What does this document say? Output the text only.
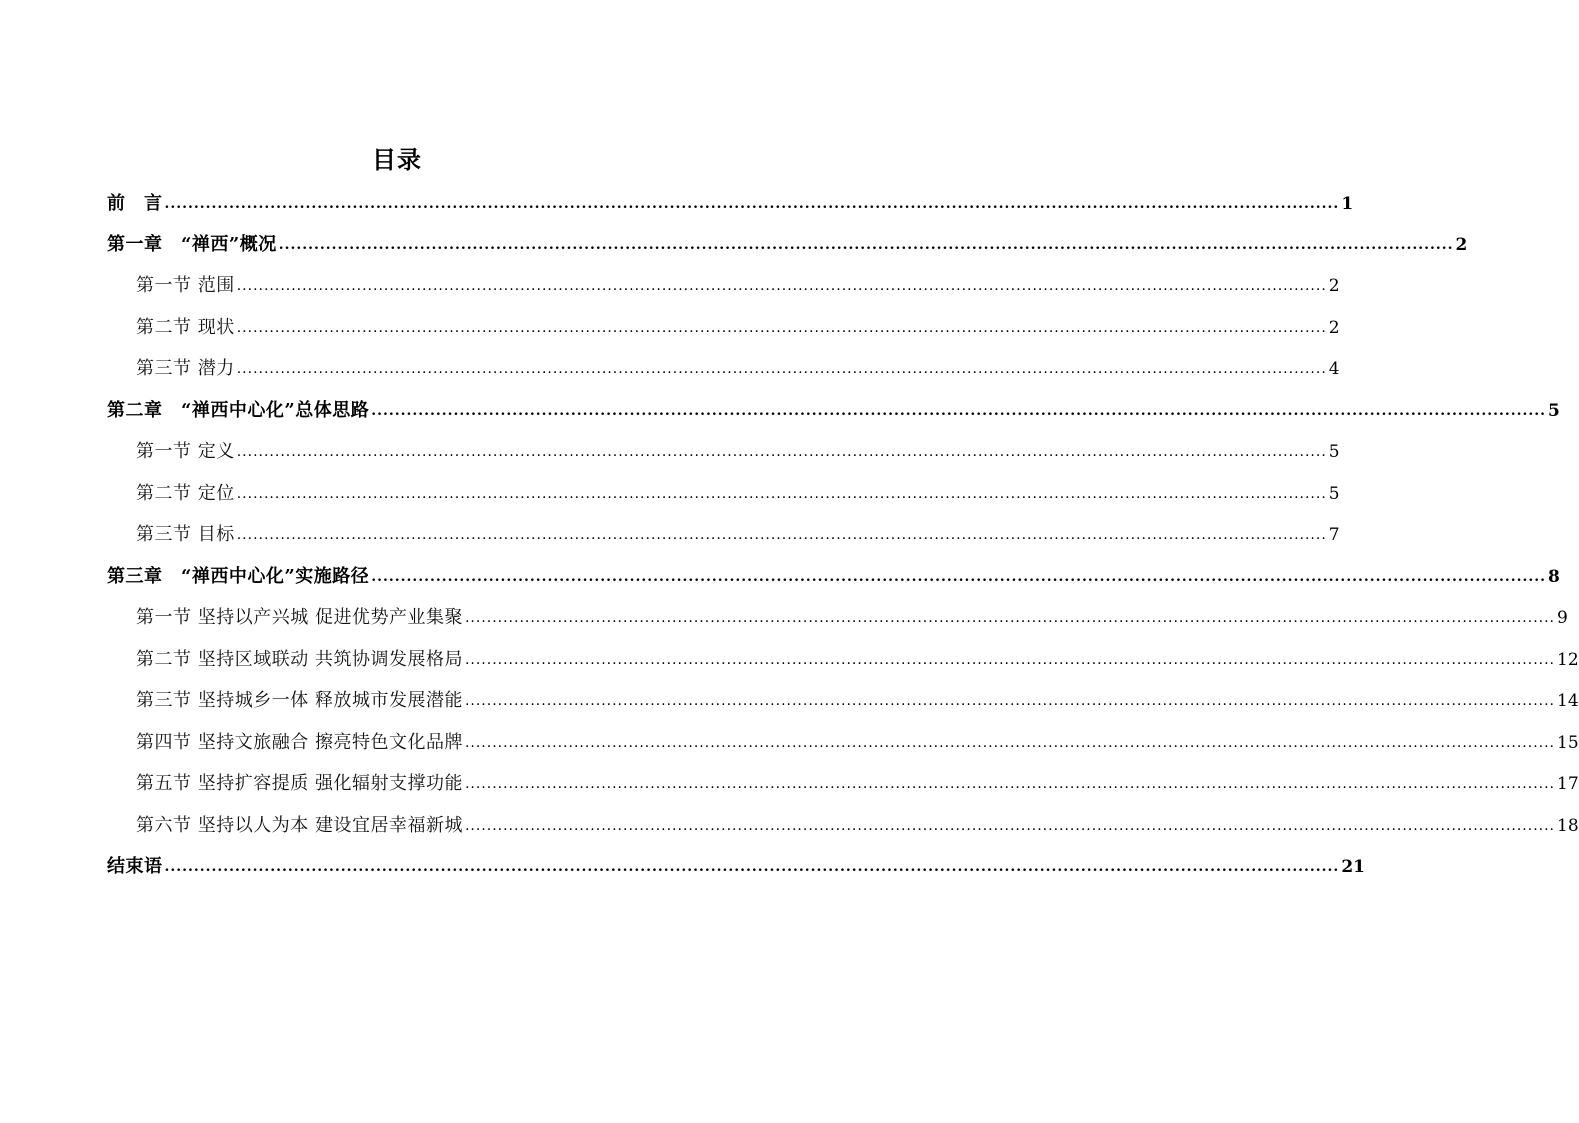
目录
前　言 ........................................................................................................................................................................................................ 1
第一章　“禅西”概况 ........................................................................................................................................................................................................ 2
第一节 范围 ........................................................................................................................................................................................................ 2
第二节 现状 ........................................................................................................................................................................................................ 2
第三节 潜力 ........................................................................................................................................................................................................ 4
第二章　“禅西中心化”总体思路 ........................................................................................................................................................................................................ 5
第一节 定义 ........................................................................................................................................................................................................ 5
第二节 定位 ........................................................................................................................................................................................................ 5
第三节 目标 ........................................................................................................................................................................................................ 7
第三章　“禅西中心化”实施路径 ........................................................................................................................................................................................................ 8
第一节 坚持以产兴城 促进优势产业集聚 ........................................................................................................................................................................................................ 9
第二节 坚持区域联动 共筑协调发展格局 ........................................................................................................................................................................................................ 12
第三节 坚持城乡一体 释放城市发展潜能 ........................................................................................................................................................................................................ 14
第四节 坚持文旅融合 擦亮特色文化品牌 ........................................................................................................................................................................................................ 15
第五节 坚持扩容提质 强化辐射支撑功能 ........................................................................................................................................................................................................ 17
第六节 坚持以人为本 建设宜居幸福新城 ........................................................................................................................................................................................................ 18
结束语 ........................................................................................................................................................................................................ 21
